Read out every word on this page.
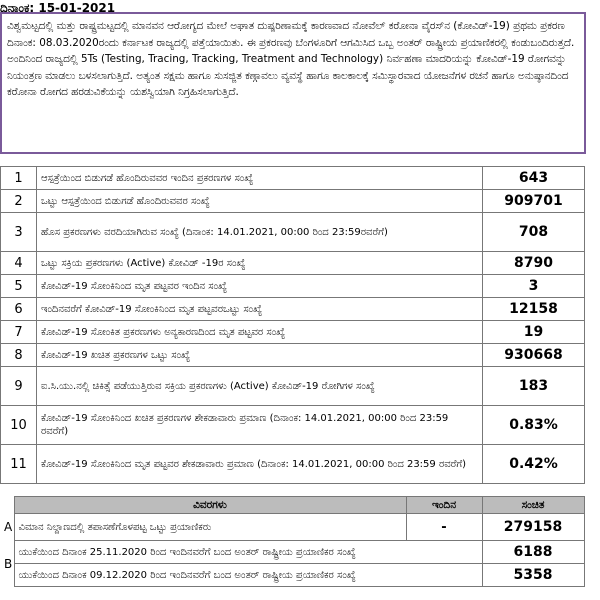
ದಿನಾಂಕ: 15-01-2021

ವಿಶ್ವಮಟ್ಟದಲ್ಲಿ ಮತ್ತು ರಾಷ್ಟ್ರಮಟ್ಟದಲ್ಲಿ ಮಾನವನ ಆರೋಗ್ಯದ ಮೇಲೆ ಅಘಾತ ದುಷ್ಪರಿಣಾಮಕ್ಕೆ ಕಾರಣವಾದ ನೋವೆಲ್ ಕರೋನಾ ವೈರಸ್‌ನ (ಕೋವಿಡ್-19) ಪ್ರಥಮ ಪ್ರಕರಣ ದಿನಾಂಕ: 08.03.2020ರಂದು ಕರ್ನಾಟಕ ರಾಜ್ಯದಲ್ಲಿ ಪತ್ತೆಯಾಯಿತು. ಈ ಪ್ರಕರಣವು ಬೆಂಗಳೂರಿಗೆ ಆಗಮಿಸಿದ ಒಬ್ಬ ಅಂತರ್ ರಾಷ್ಟ್ರೀಯ ಪ್ರಯಾಣಿಕರಲ್ಲಿ ಕಂಡುಬಂದಿರುತ್ತದೆ.

ಅಂದಿನಿಂದ ರಾಜ್ಯದಲ್ಲಿ 5Ts (Testing, Tracing, Tracking, Treatment and Technology) ನಿರ್ವಹಣಾ ಮಾದರಿಯನ್ನು ಕೋವಿಡ್-19 ರೋಗವನ್ನು ನಿಯಂತ್ರಣ ಮಾಡಲು ಬಳಸಲಾಗುತ್ತಿದೆ. ಅತ್ಯಂತ ಸಕ್ಷಮ ಹಾಗೂ ಸುಸಜ್ಜಿತ ಕಣ್ಗಾವಲು ವ್ಯವಸ್ಥೆ ಹಾಗೂ ಕಾಲಕಾಲಕ್ಕೆ ಸಮಿಸ್ಥಾರವಾದ ಯೋಜನೆಗಳ ರಚನೆ ಹಾಗೂ ಅನುಷ್ಠಾನದಿಂದ ಕರೋನಾ ರೋಗದ ಹರಡುವಿಕೆಯನ್ನು ಯಶಸ್ವಿಯಾಗಿ ನಿಗ್ರಹಿಸಲಾಗುತ್ತಿದೆ.

1	ಆಸ್ಪತ್ರೆಯಿಂದ ಬಿಡುಗಡೆ ಹೊಂದಿರುವವರ ಇಂದಿನ ಪ್ರಕರಣಗಳ ಸಂಖ್ಯೆ	643
2	ಒಟ್ಟು ಆಸ್ಪತ್ರೆಯಿಂದ ಬಿಡುಗಡೆ ಹೊಂದಿರುವವರ ಸಂಖ್ಯೆ	909701
3	ಹೊಸ ಪ್ರಕರಣಗಳು ವರದಿಯಾಗಿರುವ ಸಂಖ್ಯೆ (ದಿನಾಂಕ: 14.01.2021, 00:00 ರಿಂದ 23:59ರವರೆಗೆ)	708
4	ಒಟ್ಟು ಸಕ್ರಿಯ ಪ್ರಕರಣಗಳು (Active) ಕೋವಿಡ್ -19ರ ಸಂಖ್ಯೆ	8790
5	ಕೋವಿಡ್-19 ಸೋಂಕಿನಿಂದ ಮೃತ ಪಟ್ಟವರ ಇಂದಿನ ಸಂಖ್ಯೆ	3
6	ಇಂದಿನವರೆಗೆ ಕೋವಿಡ್-19 ಸೋಂಕಿನಿಂದ ಮೃತ ಪಟ್ಟವರಒಟ್ಟು ಸಂಖ್ಯೆ	12158
7	ಕೋವಿಡ್-19 ಸೋಂಕಿತ ಪ್ರಕರಣಗಳು ಅನ್ಯಕಾರಣದಿಂದ ಮೃತ ಪಟ್ಟವರ ಸಂಖ್ಯೆ	19
8	ಕೋವಿಡ್-19 ಖಚಿತ ಪ್ರಕರಣಗಳ ಒಟ್ಟು ಸಂಖ್ಯೆ	930668
9	ಐ.ಸಿ.ಯು.ನಲ್ಲಿ ಚಿಕಿತ್ಸೆ ಪಡೆಯುತ್ತಿರುವ ಸಕ್ರಿಯ ಪ್ರಕರಣಗಳು (Active) ಕೋವಿಡ್-19 ರೋಗಿಗಳ ಸಂಖ್ಯೆ	183
10	ಕೋವಿಡ್-19 ಸೋಂಕಿನಿಂದ ಖಚಿತ ಪ್ರಕರಣಗಳ ಶೇಕಡಾವಾರು ಪ್ರಮಾಣ (ದಿನಾಂಕ: 14.01.2021, 00:00 ರಿಂದ 23:59 ರವರೆಗೆ)	0.83%
11	ಕೋವಿಡ್-19 ಸೋಂಕಿನಿಂದ ಮೃತ ಪಟ್ಟವರ ಶೇಕಡಾವಾರು ಪ್ರಮಾಣ (ದಿನಾಂಕ: 14.01.2021, 00:00 ರಿಂದ 23:59 ರವರೆಗೆ)	0.42%
	ವಿವರಗಳು	ಇಂದಿನ	ಸಂಚಿತ
A	ವಿಮಾನ ನಿಲ್ದಾಣದಲ್ಲಿ ತಪಾಸಣೆಗೊಳಪಟ್ಟ ಒಟ್ಟು ಪ್ರಯಾಣಿಕರು	-	279158
B	ಯುಕೆಯಿಂದ ದಿನಾಂಕ 25.11.2020 ರಿಂದ ಇಂದಿನವರೆಗೆ ಬಂದ ಅಂತರ್ ರಾಷ್ಟ್ರೀಯ ಪ್ರಯಾಣಿಕರ ಸಂಖ್ಯೆ		6188
	ಯುಕೆಯಿಂದ ದಿನಾಂಕ 09.12.2020 ರಿಂದ ಇಂದಿನವರೆಗೆ ಬಂದ ಅಂತರ್ ರಾಷ್ಟ್ರೀಯ ಪ್ರಯಾಣಿಕರ ಸಂಖ್ಯೆ		5358
